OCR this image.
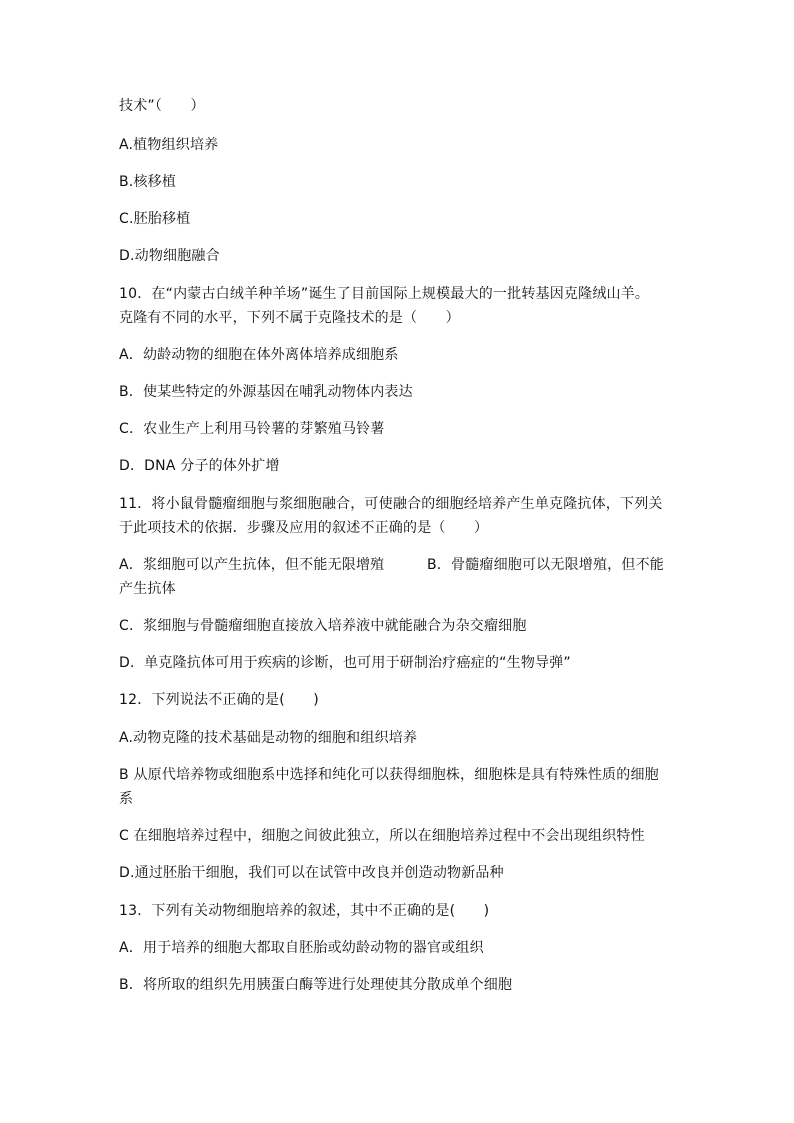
技术”（　　）
A.植物组织培养
B.核移植
C.胚胎移植
D.动物细胞融合
10．在“内蒙古白绒羊种羊场”诞生了目前国际上规模最大的一批转基因克隆绒山羊。
克隆有不同的水平，下列不属于克隆技术的是（　　）
A．幼龄动物的细胞在体外离体培养成细胞系
B．使某些特定的外源基因在哺乳动物体内表达
C．农业生产上利用马铃薯的芽繁殖马铃薯
D．DNA 分子的体外扩增
11．将小鼠骨髓瘤细胞与浆细胞融合，可使融合的细胞经培养产生单克隆抗体，下列关
于此项技术的依据．步骤及应用的叙述不正确的是（　　）
A．浆细胞可以产生抗体，但不能无限增殖　　　B．骨髓瘤细胞可以无限增殖，但不能
产生抗体
C．浆细胞与骨髓瘤细胞直接放入培养液中就能融合为杂交瘤细胞
D．单克隆抗体可用于疾病的诊断，也可用于研制治疗癌症的“生物导弹”
12．下列说法不正确的是(　　)
A.动物克隆的技术基础是动物的细胞和组织培养
B 从原代培养物或细胞系中选择和纯化可以获得细胞株，细胞株是具有特殊性质的细胞
系
C 在细胞培养过程中，细胞之间彼此独立，所以在细胞培养过程中不会出现组织特性
D.通过胚胎干细胞，我们可以在试管中改良并创造动物新品种
13．下列有关动物细胞培养的叙述，其中不正确的是(　　)
A．用于培养的细胞大都取自胚胎或幼龄动物的器官或组织
B．将所取的组织先用胰蛋白酶等进行处理使其分散成单个细胞
